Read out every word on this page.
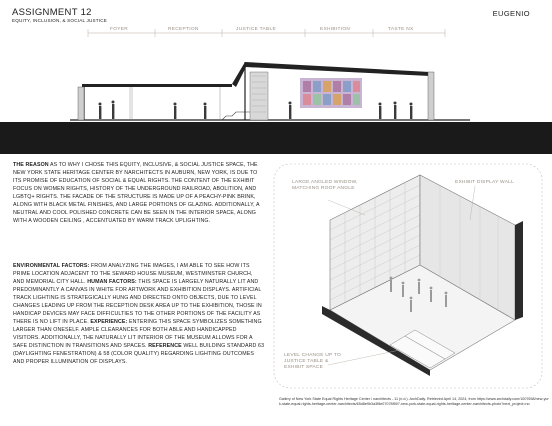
ASSIGNMENT 12
EQUITY, INCLUSION, & SOCIAL JUSTICE
EUGENIO
FOYER	RECEPTION	JUSTICE TABLE	EXHIBITION	TASTE NX

THE REASON AS TO WHY I CHOSE THIS EQUITY, INCLUSIVE, & SOCIAL JUSTICE SPACE, THE NEW YORK STATE HERITAGE CENTER BY NARCHITECTS IN AUBURN, NEW YORK, IS DUE TO ITS PROMISE OF EDUCATION OF SOCIAL & EQUAL RIGHTS. THE CONTENT OF THE EXHIBIT FOCUS ON WOMEN RIGHTS, HISTORY OF THE UNDERGROUND RAILROAD, ABOLITION, AND LGBTQ+ RIGHTS. THE FACADE OF THE STRUCTURE IS MADE UP OF A PEACHY-PINK BRINK, ALONG WITH BLACK METAL FINISHES, AND LARGE PORTIONS OF GLAZING. ADDITIONALLY, A NEUTRAL AND COOL POLISHED CONCRETE CAN BE SEEN IN THE INTERIOR SPACE, ALONG WITH A WOODEN CEILING , ACCENTUATED BY WARM TRACK UPLIGHTING.

ENVIRONMENTAL FACTORS: FROM ANALYZING THE IMAGES, I AM ABLE TO SEE HOW ITS PRIME LOCATION ADJACENT TO THE SEWARD HOUSE MUSEUM, WESTMINSTER CHURCH, AND MEMORIAL CITY HALL. HUMAN FACTORS: THIS SPACE IS LARGELY NATURALLY LIT AND PREDOMINANTLY A CANVAS IN WHITE FOR ARTWORK AND EXHIBITION DISPLAYS. ARTIFICIAL TRACK LIGHTING IS STRATEGICALLY HUNG AND DIRECTED ONTO OBJECTS, DUE TO LEVEL CHANGES LEADING UP FROM THE RECEPTION DESK AREA UP TO THE EXHIBITION, THOSE IN HANDICAP DEVICES MAY FACE DIFFICULTIES TO THE OTHER PORTIONS OF THE FACILITY AS THERE IS NO LIFT IN PLACE. EXPERIENCE: ENTERING THIS SPACE SYMBOLIZES SOMETHING LARGER THAN ONESELF. AMPLE CLEARANCES FOR BOTH ABLE AND HANDICAPPED VISITORS. ADDITIONALLY, THE NATURALLY LIT INTERIOR OF THE MUSEUM ALLOWS FOR A SAFE DISTINCTION IN TRANSITIONS AND SPACES. REFERENCE WELL BUILDING STANDARD 63 (DAYLIGHTING FENESTRATION) & 58 (COLOR QUALITY) REGARDING LIGHTING OUTCOMES AND PROPER ILLUMINATION OF DISPLAYS.

LARGE ANGLED WINDOW, MATCHING ROOF ANGLE
EXHIBIT DISPLAY WALL
LEVEL CHANGE UP TO JUSTICE TABLE & EXHIBIT SPACE
Gallery of New York State Equal Rights Heritage Center / narchitects - 11 (n.d.). ArchDaily. Retrieved April 14, 2024, from https://www.archdaily.com/1007658/new-york-state-equal-rights-heritage-center-narchitects/65d8e9b3a3f8e07078f597-new-york-state-equal-rights-heritage-center-narchitects-photo?next_project=no
